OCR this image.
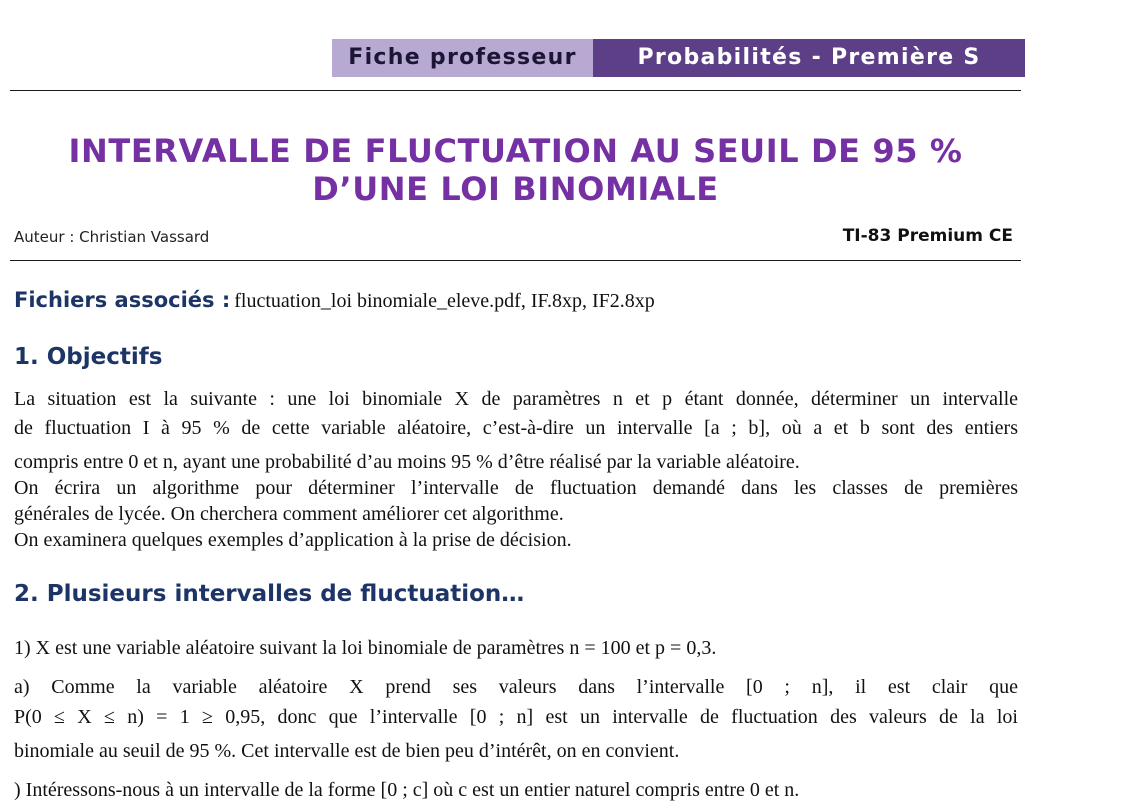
Fiche professeur	Probabilités - Première S
INTERVALLE DE FLUCTUATION AU SEUIL DE 95 %
D’UNE LOI BINOMIALE
Auteur : Christian Vassard	TI-83 Premium CE
Fichiers associés : fluctuation_loi binomiale_eleve.pdf, IF.8xp, IF2.8xp
1. Objectifs
La situation est la suivante : une loi binomiale X de paramètres n et p étant donnée, déterminer un intervalle
de fluctuation I à 95 % de cette variable aléatoire, c’est-à-dire un intervalle [a ; b], où a et b sont des entiers
compris entre 0 et n, ayant une probabilité d’au moins 95 % d’être réalisé par la variable aléatoire.
On écrira un algorithme pour déterminer l’intervalle de fluctuation demandé dans les classes de premières
générales de lycée. On cherchera comment améliorer cet algorithme.
On examinera quelques exemples d’application à la prise de décision.
2. Plusieurs intervalles de fluctuation…
1) X est une variable aléatoire suivant la loi binomiale de paramètres n = 100 et p = 0,3.
a) Comme la variable aléatoire X prend ses valeurs dans l’intervalle [0 ; n], il est clair que
P(0 ≤ X ≤ n) = 1 ≥ 0,95, donc que l’intervalle [0 ; n] est un intervalle de fluctuation des valeurs de la loi
binomiale au seuil de 95 %. Cet intervalle est de bien peu d’intérêt, on en convient.
) Intéressons-nous à un intervalle de la forme [0 ; c] où c est un entier naturel compris entre 0 et n.
